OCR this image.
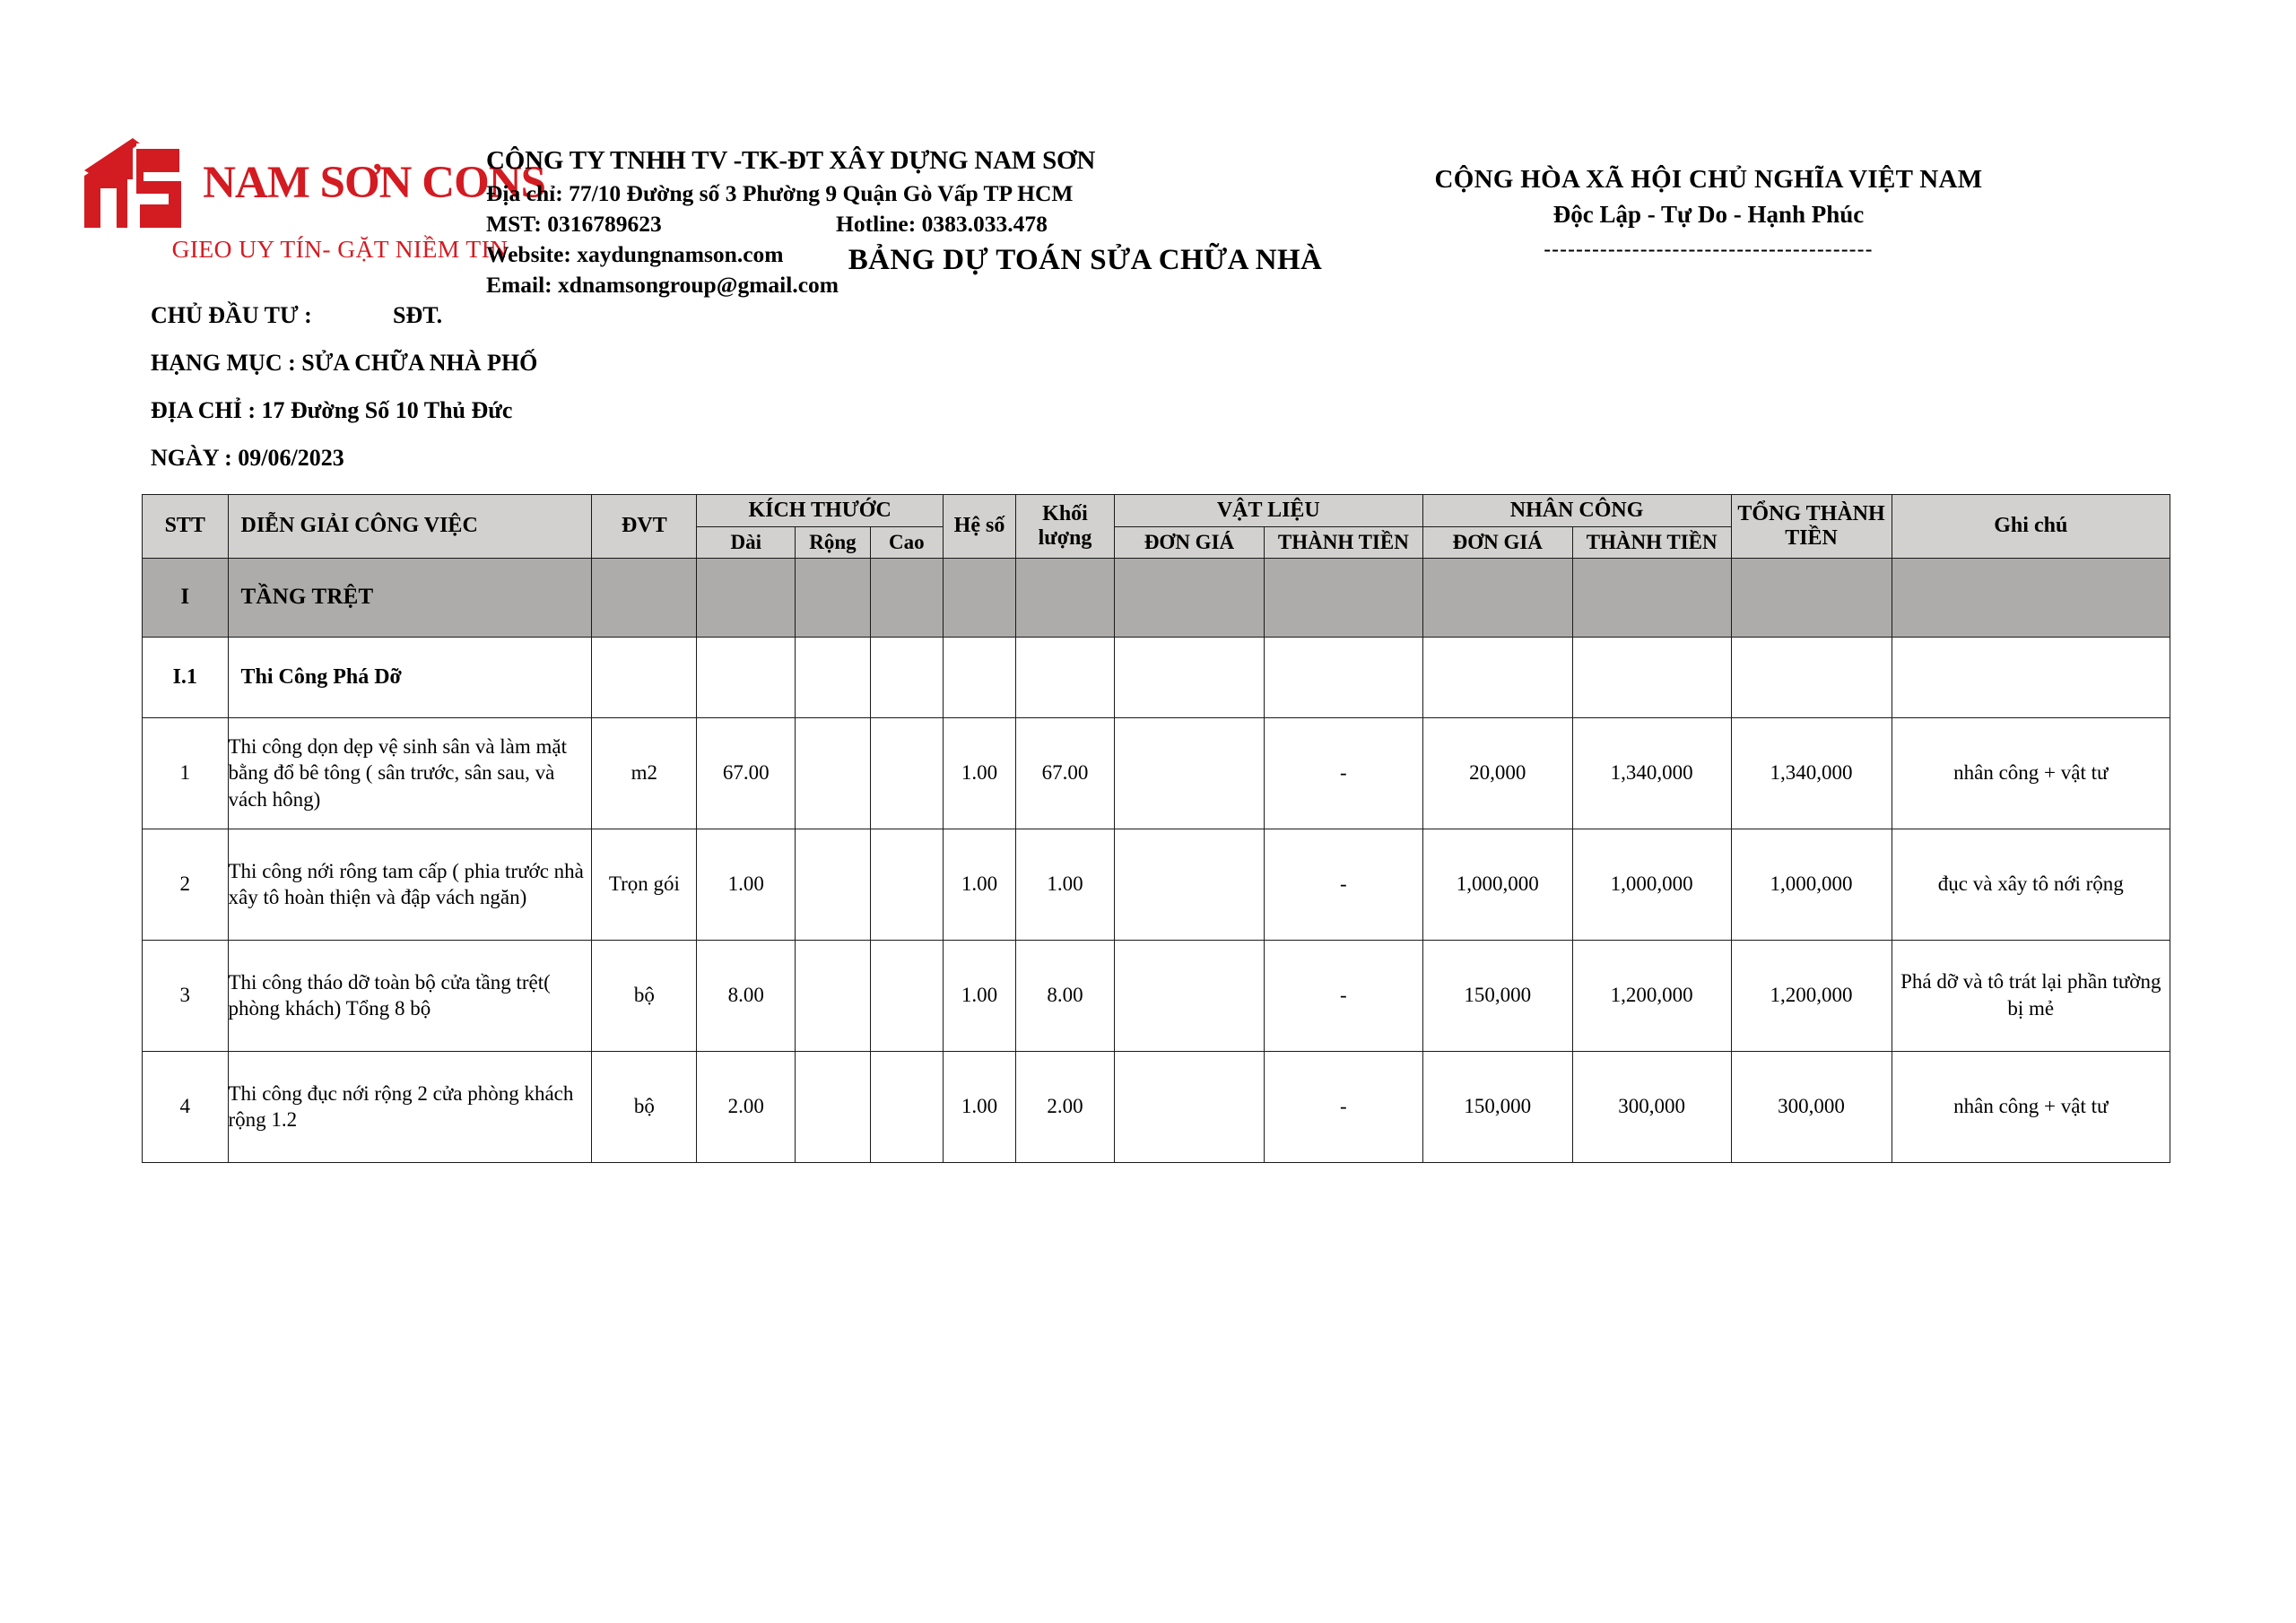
NAM SƠN CONS
GIEO UY TÍN- GẶT NIỀM TIN
CÔNG TY TNHH TV -TK-ĐT XÂY DỰNG NAM SƠN
Địa chỉ: 77/10 Đường số 3 Phường 9 Quận Gò Vấp TP HCM
MST: 0316789623	Hotline: 0383.033.478
Website: xaydungnamson.com
Email: xdnamsongroup@gmail.com
CỘNG HÒA XÃ HỘI CHỦ NGHĨA VIỆT NAM
Độc Lập - Tự Do - Hạnh Phúc
-----------------------------------------
BẢNG DỰ TOÁN SỬA CHỮA NHÀ
CHỦ ĐẦU TƯ :	SĐT.
HẠNG MỤC : SỬA CHỮA NHÀ PHỐ
ĐỊA CHỈ : 17 Đường Số 10 Thủ Đức
NGÀY : 09/06/2023
STT	DIỄN GIẢI CÔNG VIỆC	ĐVT	KÍCH THƯỚC			Hệ số	Khối lượng	VẬT LIỆU		NHÂN CÔNG		TỔNG THÀNH TIỀN	Ghi chú
			Dài	Rộng	Cao			ĐƠN GIÁ	THÀNH TIỀN	ĐƠN GIÁ	THÀNH TIỀN		
I	TẦNG TRỆT												
I.1	Thi Công Phá Dỡ												
1	Thi công dọn dẹp vệ sinh sân và làm mặt bằng đổ bê tông ( sân trước, sân sau, và vách hông)	m2	67.00			1.00	67.00		-	20,000	1,340,000	1,340,000	nhân công + vật tư
2	Thi công nới rông tam cấp ( phia trước nhà xây tô hoàn thiện và đập vách ngăn)	Trọn gói	1.00			1.00	1.00		-	1,000,000	1,000,000	1,000,000	đục và xây tô nới rộng
3	Thi công tháo dỡ toàn bộ cửa tầng trệt( phòng khách) Tổng 8 bộ	bộ	8.00			1.00	8.00		-	150,000	1,200,000	1,200,000	Phá dỡ và tô trát lại phần tường bị mẻ
4	Thi công đục nới rộng 2 cửa phòng khách rộng 1.2	bộ	2.00			1.00	2.00		-	150,000	300,000	300,000	nhân công + vật tư
